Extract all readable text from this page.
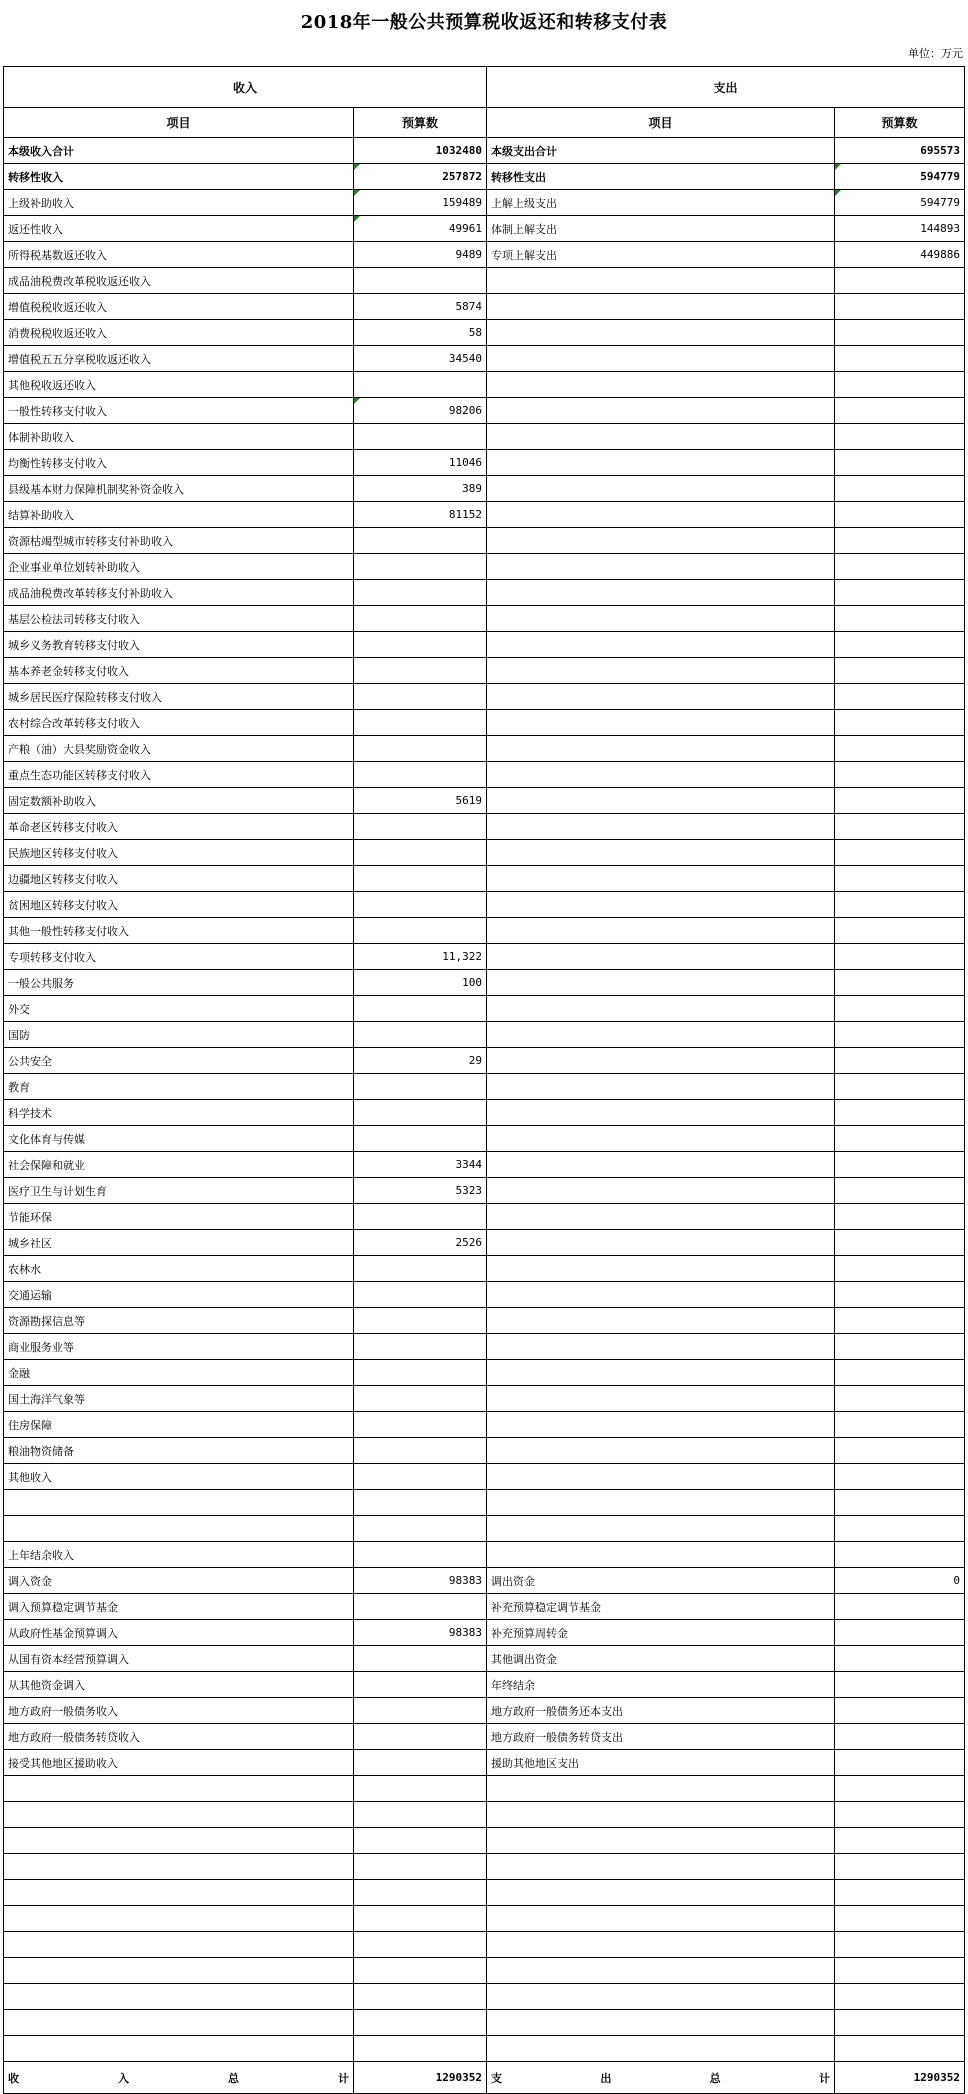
2018年一般公共预算税收返还和转移支付表
单位：万元
收入		支出	
项目	预算数	项目	预算数
本级收入合计	1032480	本级支出合计	695573
转移性收入	257872	转移性支出	594779
上级补助收入	159489	上解上级支出	594779
返还性收入	49961	体制上解支出	144893
所得税基数返还收入	9489	专项上解支出	449886
成品油税费改革税收返还收入			
增值税税收返还收入	5874		
消费税税收返还收入	58		
增值税五五分享税收返还收入	34540		
其他税收返还收入			
一般性转移支付收入	98206		
体制补助收入			
均衡性转移支付收入	11046		
县级基本财力保障机制奖补资金收入	389		
结算补助收入	81152		
资源枯竭型城市转移支付补助收入			
企业事业单位划转补助收入			
成品油税费改革转移支付补助收入			
基层公检法司转移支付收入			
城乡义务教育转移支付收入			
基本养老金转移支付收入			
城乡居民医疗保险转移支付收入			
农村综合改革转移支付收入			
产粮（油）大县奖励资金收入			
重点生态功能区转移支付收入			
固定数额补助收入	5619		
革命老区转移支付收入			
民族地区转移支付收入			
边疆地区转移支付收入			
贫困地区转移支付收入			
其他一般性转移支付收入			
专项转移支付收入	11,322		
一般公共服务	100		
外交			
国防			
公共安全	29		
教育			
科学技术			
文化体育与传媒			
社会保障和就业	3344		
医疗卫生与计划生育	5323		
节能环保			
城乡社区	2526		
农林水			
交通运输			
资源勘探信息等			
商业服务业等			
金融			
国土海洋气象等			
住房保障			
粮油物资储备			
其他收入			

上年结余收入			
调入资金	98383	调出资金	0
调入预算稳定调节基金		补充预算稳定调节基金	
从政府性基金预算调入	98383	补充预算周转金	
从国有资本经营预算调入		其他调出资金	
从其他资金调入		年终结余	
地方政府一般债务收入		地方政府一般债务还本支出	
地方政府一般债务转贷收入		地方政府一般债务转贷支出	
接受其他地区援助收入		援助其他地区支出	

收 入 总 计	1290352	支 出 总 计	1290352
